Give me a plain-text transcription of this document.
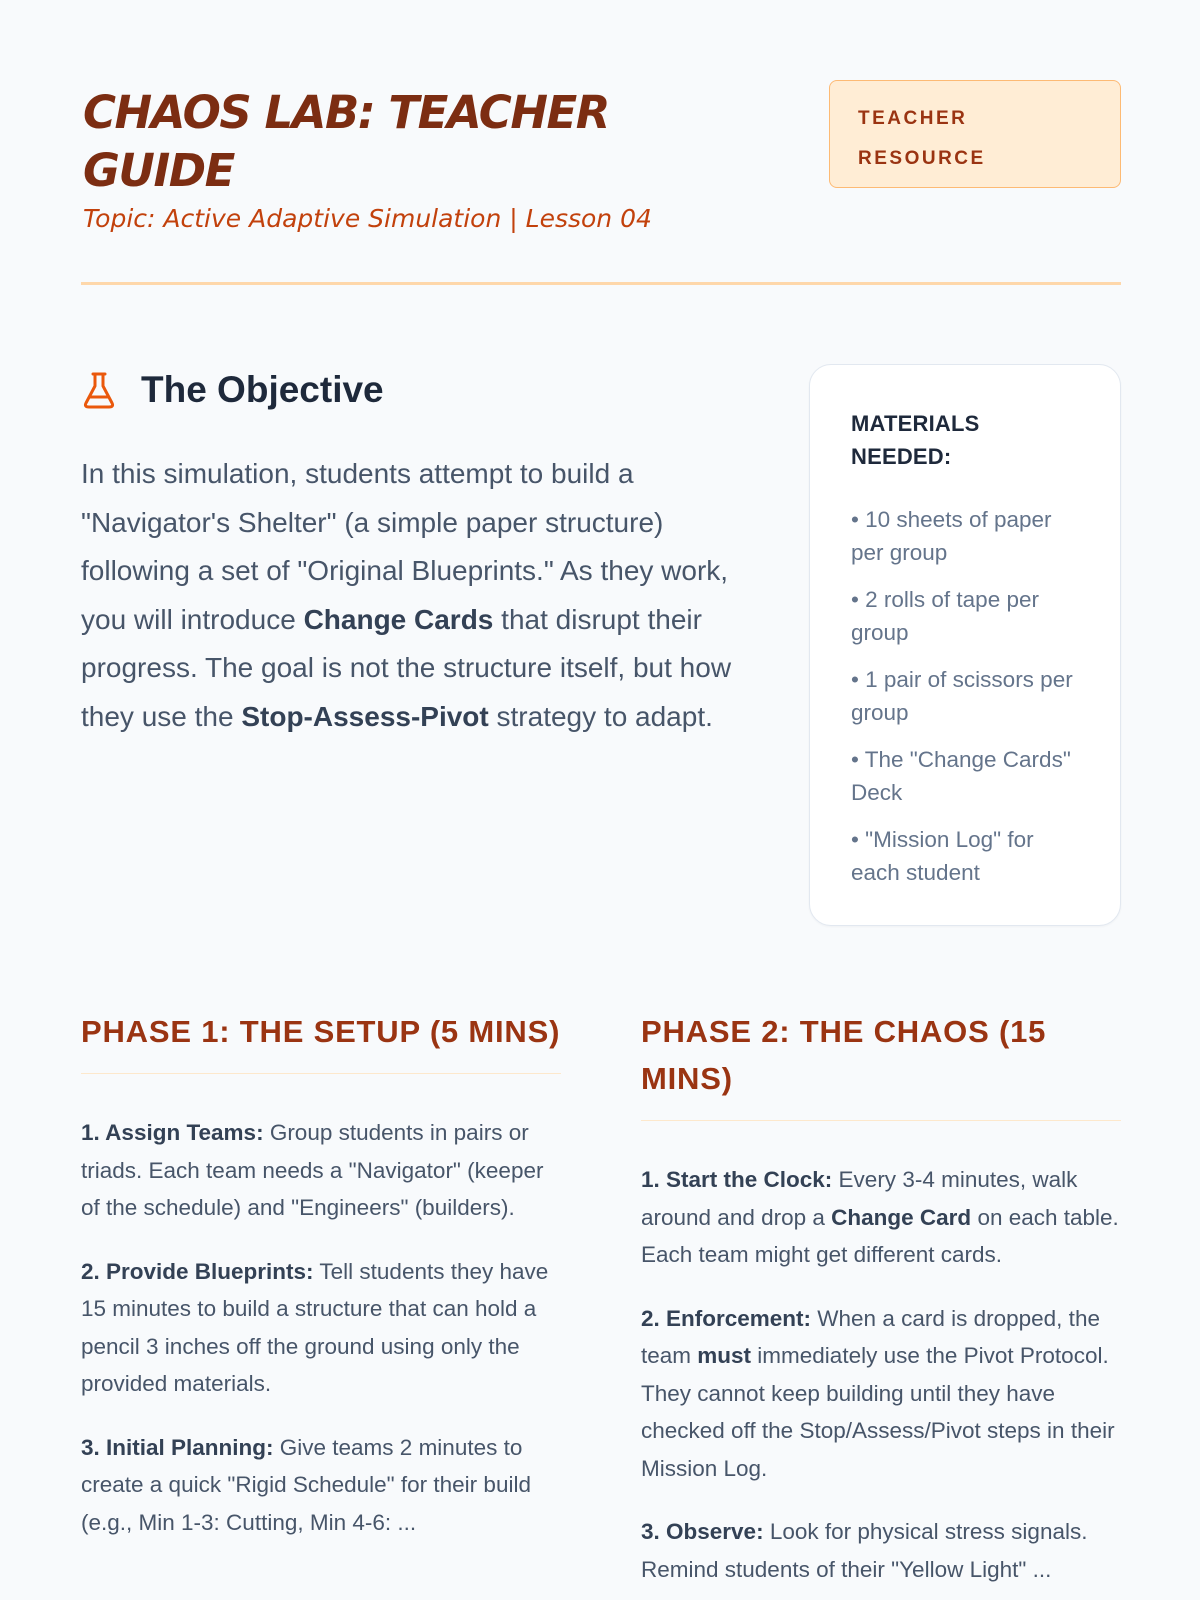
CHAOS LAB: TEACHER GUIDE
Topic: Active Adaptive Simulation | Lesson 04
TEACHER RESOURCE
The Objective
In this simulation, students attempt to build a "Navigator's Shelter" (a simple paper structure) following a set of "Original Blueprints." As they work, you will introduce Change Cards that disrupt their progress. The goal is not the structure itself, but how they use the Stop-Assess-Pivot strategy to adapt.
MATERIALS NEEDED:
• 10 sheets of paper per group
• 2 rolls of tape per group
• 1 pair of scissors per group
• The "Change Cards" Deck
• "Mission Log" for each student
PHASE 1: THE SETUP (5 MINS)

1. Assign Teams: Group students in pairs or triads. Each team needs a "Navigator" (keeper of the schedule) and "Engineers" (builders).

2. Provide Blueprints: Tell students they have 15 minutes to build a structure that can hold a pencil 3 inches off the ground using only the provided materials.

3. Initial Planning: Give teams 2 minutes to create a quick "Rigid Schedule" for their build (e.g., Min 1-3: Cutting, Min 4-6: ...

PHASE 2: THE CHAOS (15 MINS)

1. Start the Clock: Every 3-4 minutes, walk around and drop a Change Card on each table. Each team might get different cards.

2. Enforcement: When a card is dropped, the team must immediately use the Pivot Protocol. They cannot keep building until they have checked off the Stop/Assess/Pivot steps in their Mission Log.

3. Observe: Look for physical stress signals. Remind students of their "Yellow Light" ...
